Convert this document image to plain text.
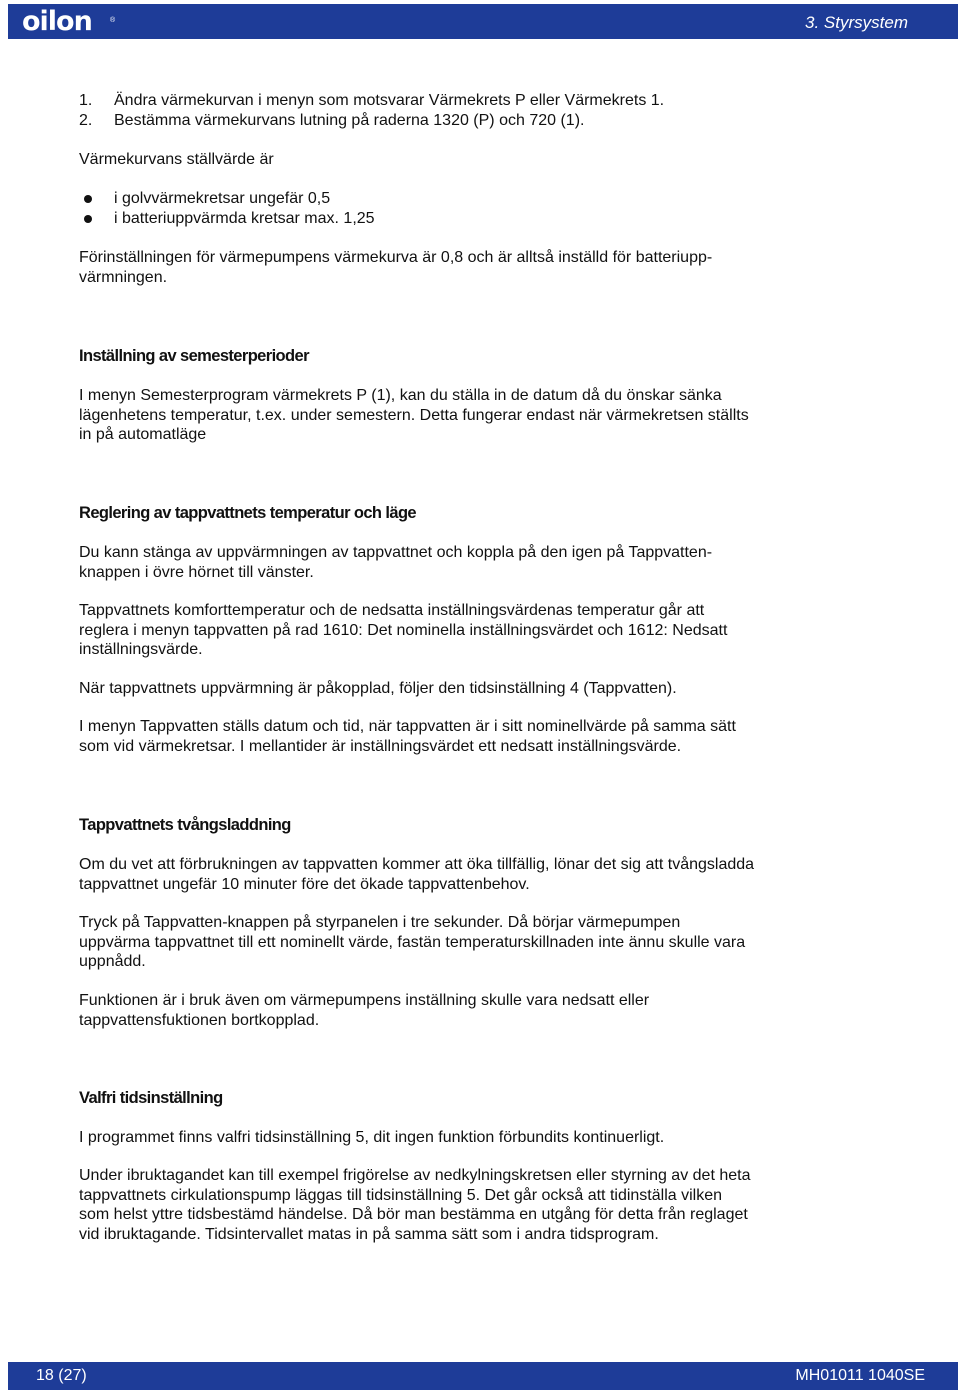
oilon	®	3. Styrsystem

1. Ändra värmekurvan i menyn som motsvarar Värmekrets P eller Värmekrets 1.

2. Bestämma värmekurvans lutning på raderna 1320 (P) och 720 (1).

Värmekurvans ställvärde är

i golvvärmekretsar ungefär 0,5
i batteriuppvärmda kretsar max. 1,25

Förinställningen för värmepumpens värmekurva är 0,8 och är alltså inställd för batteriupp-

värmningen.

Inställning av semesterperioder

I menyn Semesterprogram värmekrets P (1), kan du ställa in de datum då du önskar sänka

lägenhetens temperatur, t.ex. under semestern. Detta fungerar endast när värmekretsen ställts

in på automatläge

Reglering av tappvattnets temperatur och läge

Du kann stänga av uppvärmningen av tappvattnet och koppla på den igen på Tappvatten-

knappen i övre hörnet till vänster.

Tappvattnets komforttemperatur och de nedsatta inställningsvärdenas temperatur går att

reglera i menyn tappvatten på rad 1610: Det nominella inställningsvärdet och 1612: Nedsatt

inställningsvärde.

När tappvattnets uppvärmning är påkopplad, följer den tidsinställning 4 (Tappvatten).

I menyn Tappvatten ställs datum och tid, när tappvatten är i sitt nominellvärde på samma sätt

som vid värmekretsar. I mellantider är inställningsvärdet ett nedsatt inställningsvärde.

Tappvattnets tvångsladdning

Om du vet att förbrukningen av tappvatten kommer att öka tillfällig, lönar det sig att tvångsladda

tappvattnet ungefär 10 minuter före det ökade tappvattenbehov.

Tryck på Tappvatten-knappen på styrpanelen i tre sekunder. Då börjar värmepumpen

uppvärma tappvattnet till ett nominellt värde, fastän temperaturskillnaden inte ännu skulle vara

uppnådd.

Funktionen är i bruk även om värmepumpens inställning skulle vara nedsatt eller

tappvattensfuktionen bortkopplad.

Valfri tidsinställning

I programmet finns valfri tidsinställning 5, dit ingen funktion förbundits kontinuerligt.

Under ibruktagandet kan till exempel frigörelse av nedkylningskretsen eller styrning av det heta

tappvattnets cirkulationspump läggas till tidsinställning 5. Det går också att tidinställa vilken

som helst yttre tidsbestämd händelse. Då bör man bestämma en utgång för detta från reglaget

vid ibruktagande. Tidsintervallet matas in på samma sätt som i andra tidsprogram.

18 (27)	MH01011 1040SE
